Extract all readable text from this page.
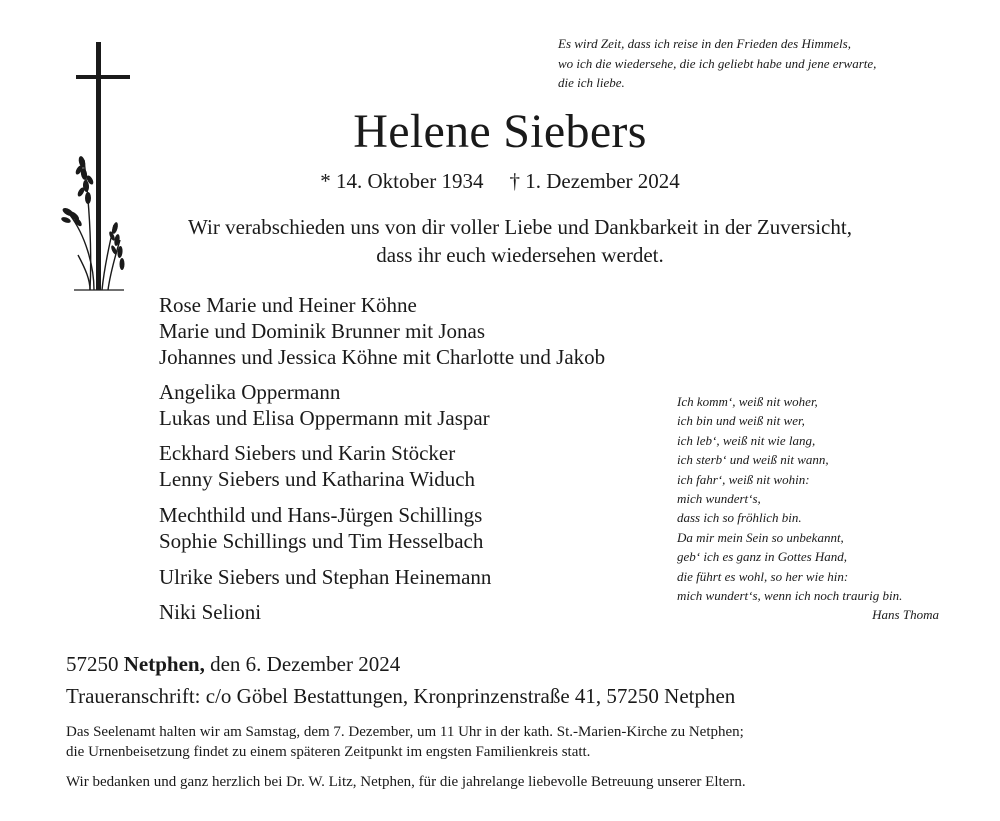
Es wird Zeit, dass ich reise in den Frieden des Himmels,
wo ich die wiedersehe, die ich geliebt habe und jene erwarte,
die ich liebe.
Helene Siebers
* 14. Oktober 1934 † 1. Dezember 2024
Wir verabschieden uns von dir voller Liebe und Dankbarkeit in der Zuversicht,
dass ihr euch wiedersehen werdet.
Rose Marie und Heiner Köhne
Marie und Dominik Brunner mit Jonas
Johannes und Jessica Köhne mit Charlotte und Jakob
Angelika Oppermann
Lukas und Elisa Oppermann mit Jaspar
Eckhard Siebers und Karin Stöcker
Lenny Siebers und Katharina Widuch
Mechthild und Hans-Jürgen Schillings
Sophie Schillings und Tim Hesselbach
Ulrike Siebers und Stephan Heinemann
Niki Selioni
Ich komm‘, weiß nit woher,
ich bin und weiß nit wer,
ich leb‘, weiß nit wie lang,
ich sterb‘ und weiß nit wann,
ich fahr‘, weiß nit wohin:
mich wundert‘s,
dass ich so fröhlich bin.
Da mir mein Sein so unbekannt,
geb‘ ich es ganz in Gottes Hand,
die führt es wohl, so her wie hin:
mich wundert‘s, wenn ich noch traurig bin.
Hans Thoma
57250 Netphen, den 6. Dezember 2024
Traueranschrift: c/o Göbel Bestattungen, Kronprinzenstraße 41, 57250 Netphen
Das Seelenamt halten wir am Samstag, dem 7. Dezember, um 11 Uhr in der kath. St.-Marien-Kirche zu Netphen;
die Urnenbeisetzung findet zu einem späteren Zeitpunkt im engsten Familienkreis statt.
Wir bedanken und ganz herzlich bei Dr. W. Litz, Netphen, für die jahrelange liebevolle Betreuung unserer Eltern.
